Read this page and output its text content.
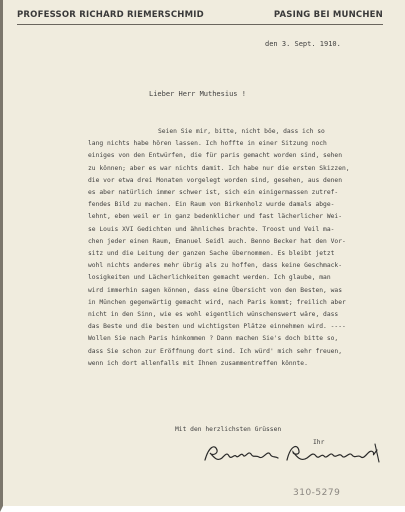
PROFESSOR RICHARD RIEMERSCHMID	PASING BEI MUNCHEN
den 3. Sept. 1910.
Lieber Herr Muthesius !
Seien Sie mir, bitte, nicht böe, dass ich so
lang nichts habe hören lassen. Ich hoffte in einer Sitzung noch
einiges von den Entwürfen, die für paris gemacht worden sind, sehen
zu können; aber es war nichts damit. Ich habe nur die ersten Skizzen,
die vor etwa drei Monaten vorgelegt worden sind, gesehen, aus denen
es aber natürlich immer schwer ist, sich ein einigermassen zutref-
fendes Bild zu machen. Ein Raum von Birkenholz wurde damals abge-
lehnt, eben weil er in ganz bedenklicher und fast lächerlicher Wei-
se Louis XVI Gedichten und ähnliches brachte. Troost und Veil ma-
chen jeder einen Raum, Emanuel Seidl auch. Benno Becker hat den Vor-
sitz und die Leitung der ganzen Sache übernommen. Es bleibt jetzt
wohl nichts anderes mehr übrig als zu hoffen, dass keine Geschmack-
losigkeiten und Lächerlichkeiten gemacht werden. Ich glaube, man
wird immerhin sagen können, dass eine Übersicht von den Besten, was
in München gegenwärtig gemacht wird, nach Paris kommt; freilich aber
nicht in den Sinn, wie es wohl eigentlich wünschenswert wäre, dass
das Beste und die besten und wichtigsten Plätze einnehmen wird. ----
Wollen Sie nach Paris hinkommen ? Dann machen Sie's doch bitte so,
dass Sie schon zur Eröffnung dort sind. Ich würd' mich sehr freuen,
wenn ich dort allenfalls mit Ihnen zusammentreffen könnte.
Mit den herzlichsten Grüssen
Ihr
310-5279
